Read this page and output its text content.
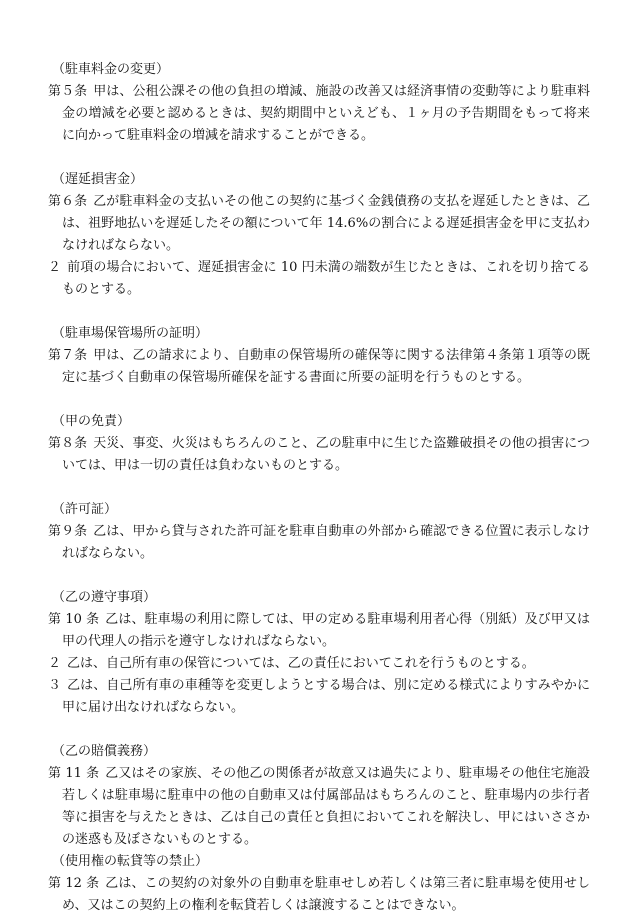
（駐車料金の変更）
第５条 甲は、公租公課その他の負担の増減、施設の改善又は経済事情の変動等により駐車料金の増減を必要と認めるときは、契約期間中といえども、１ヶ月の予告期間をもって将来に向かって駐車料金の増減を請求することができる。
（遅延損害金）
第６条 乙が駐車料金の支払いその他この契約に基づく金銭債務の支払を遅延したときは、乙は、祖野地払いを遅延したその額について年 14.6%の割合による遅延損害金を甲に支払わなければならない。
２ 前項の場合において、遅延損害金に 10 円未満の端数が生じたときは、これを切り捨てるものとする。
（駐車場保管場所の証明）
第７条 甲は、乙の請求により、自動車の保管場所の確保等に関する法律第４条第１項等の既定に基づく自動車の保管場所確保を証する書面に所要の証明を行うものとする。
（甲の免責）
第８条 天災、事変、火災はもちろんのこと、乙の駐車中に生じた盗難破損その他の損害については、甲は一切の責任は負わないものとする。
（許可証）
第９条 乙は、甲から貸与された許可証を駐車自動車の外部から確認できる位置に表示しなければならない。
（乙の遵守事項）
第 10 条 乙は、駐車場の利用に際しては、甲の定める駐車場利用者心得（別紙）及び甲又は甲の代理人の指示を遵守しなければならない。
２ 乙は、自己所有車の保管については、乙の責任においてこれを行うものとする。
３ 乙は、自己所有車の車種等を変更しようとする場合は、別に定める様式によりすみやかに甲に届け出なければならない。
（乙の賠償義務）
第 11 条 乙又はその家族、その他乙の関係者が故意又は過失により、駐車場その他住宅施設若しくは駐車場に駐車中の他の自動車又は付属部品はもちろんのこと、駐車場内の歩行者等に損害を与えたときは、乙は自己の責任と負担においてこれを解決し、甲にはいささかの迷惑も及ぼさないものとする。
（使用権の転貸等の禁止）
第 12 条 乙は、この契約の対象外の自動車を駐車せしめ若しくは第三者に駐車場を使用せしめ、又はこの契約上の権利を転貸若しくは譲渡することはできない。
